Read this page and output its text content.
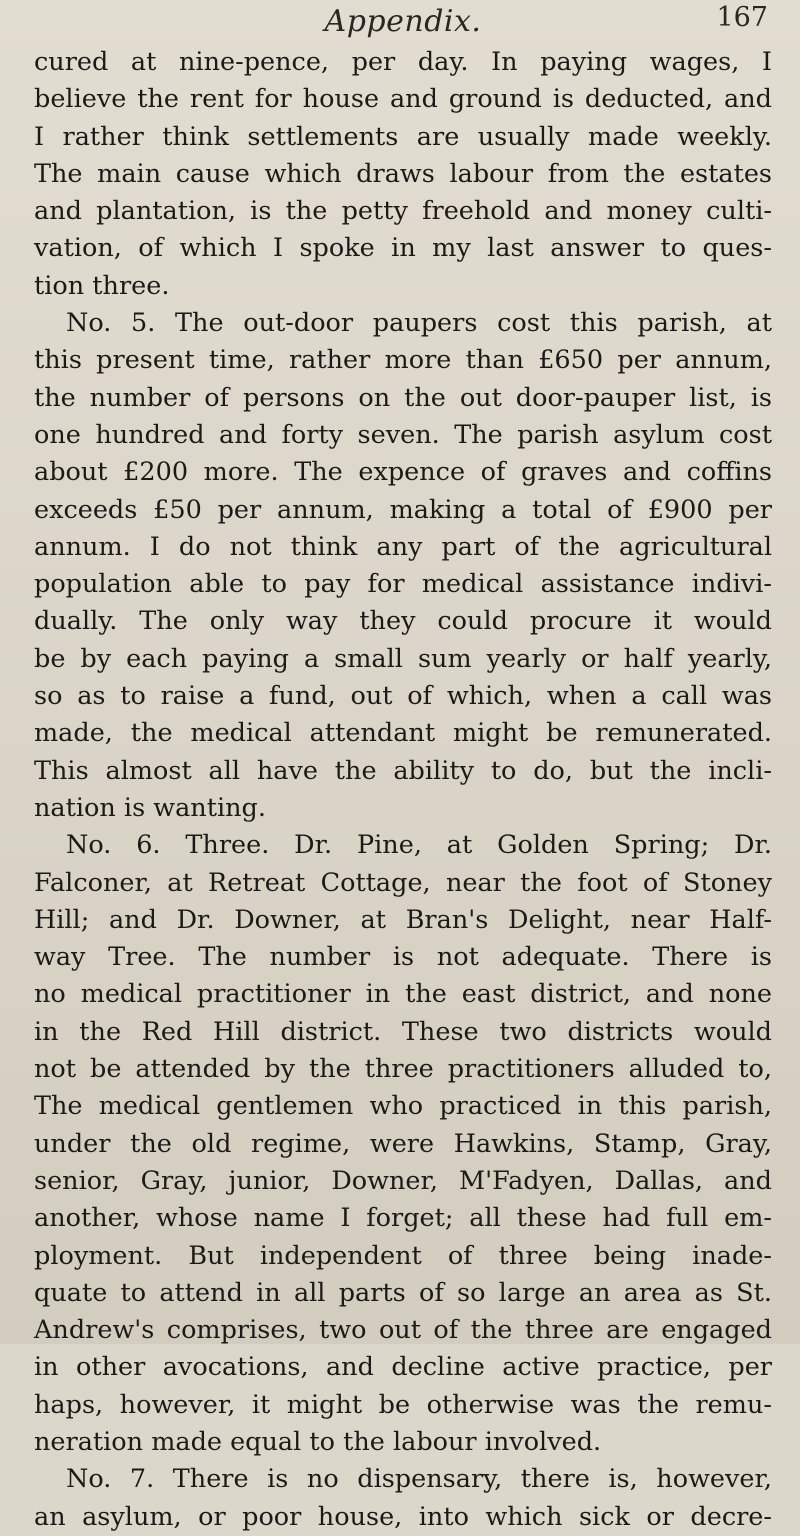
Appendix.	167

cured at nine-pence, per day. In paying wages, I
believe the rent for house and ground is deducted, and
I rather think settlements are usually made weekly.
The main cause which draws labour from the estates
and plantation, is the petty freehold and money culti-
vation, of which I spoke in my last answer to ques-
tion three.

No. 5. The out-door paupers cost this parish, at
this present time, rather more than £650 per annum,
the number of persons on the out door-pauper list, is
one hundred and forty seven. The parish asylum cost
about £200 more. The expence of graves and coffins
exceeds £50 per annum, making a total of £900 per
annum. I do not think any part of the agricultural
population able to pay for medical assistance indivi-
dually. The only way they could procure it would
be by each paying a small sum yearly or half yearly,
so as to raise a fund, out of which, when a call was
made, the medical attendant might be remunerated.
This almost all have the ability to do, but the incli-
nation is wanting.

No. 6. Three. Dr. Pine, at Golden Spring; Dr.
Falconer, at Retreat Cottage, near the foot of Stoney
Hill; and Dr. Downer, at Bran's Delight, near Half-
way Tree. The number is not adequate. There is
no medical practitioner in the east district, and none
in the Red Hill district. These two districts would
not be attended by the three practitioners alluded to,
The medical gentlemen who practiced in this parish,
under the old regime, were Hawkins, Stamp, Gray,
senior, Gray, junior, Downer, M'Fadyen, Dallas, and
another, whose name I forget; all these had full em-
ployment. But independent of three being inade-
quate to attend in all parts of so large an area as St.
Andrew's comprises, two out of the three are engaged
in other avocations, and decline active practice, per
haps, however, it might be otherwise was the remu-
neration made equal to the labour involved.

No. 7. There is no dispensary, there is, however,
an asylum, or poor house, into which sick or decre-
